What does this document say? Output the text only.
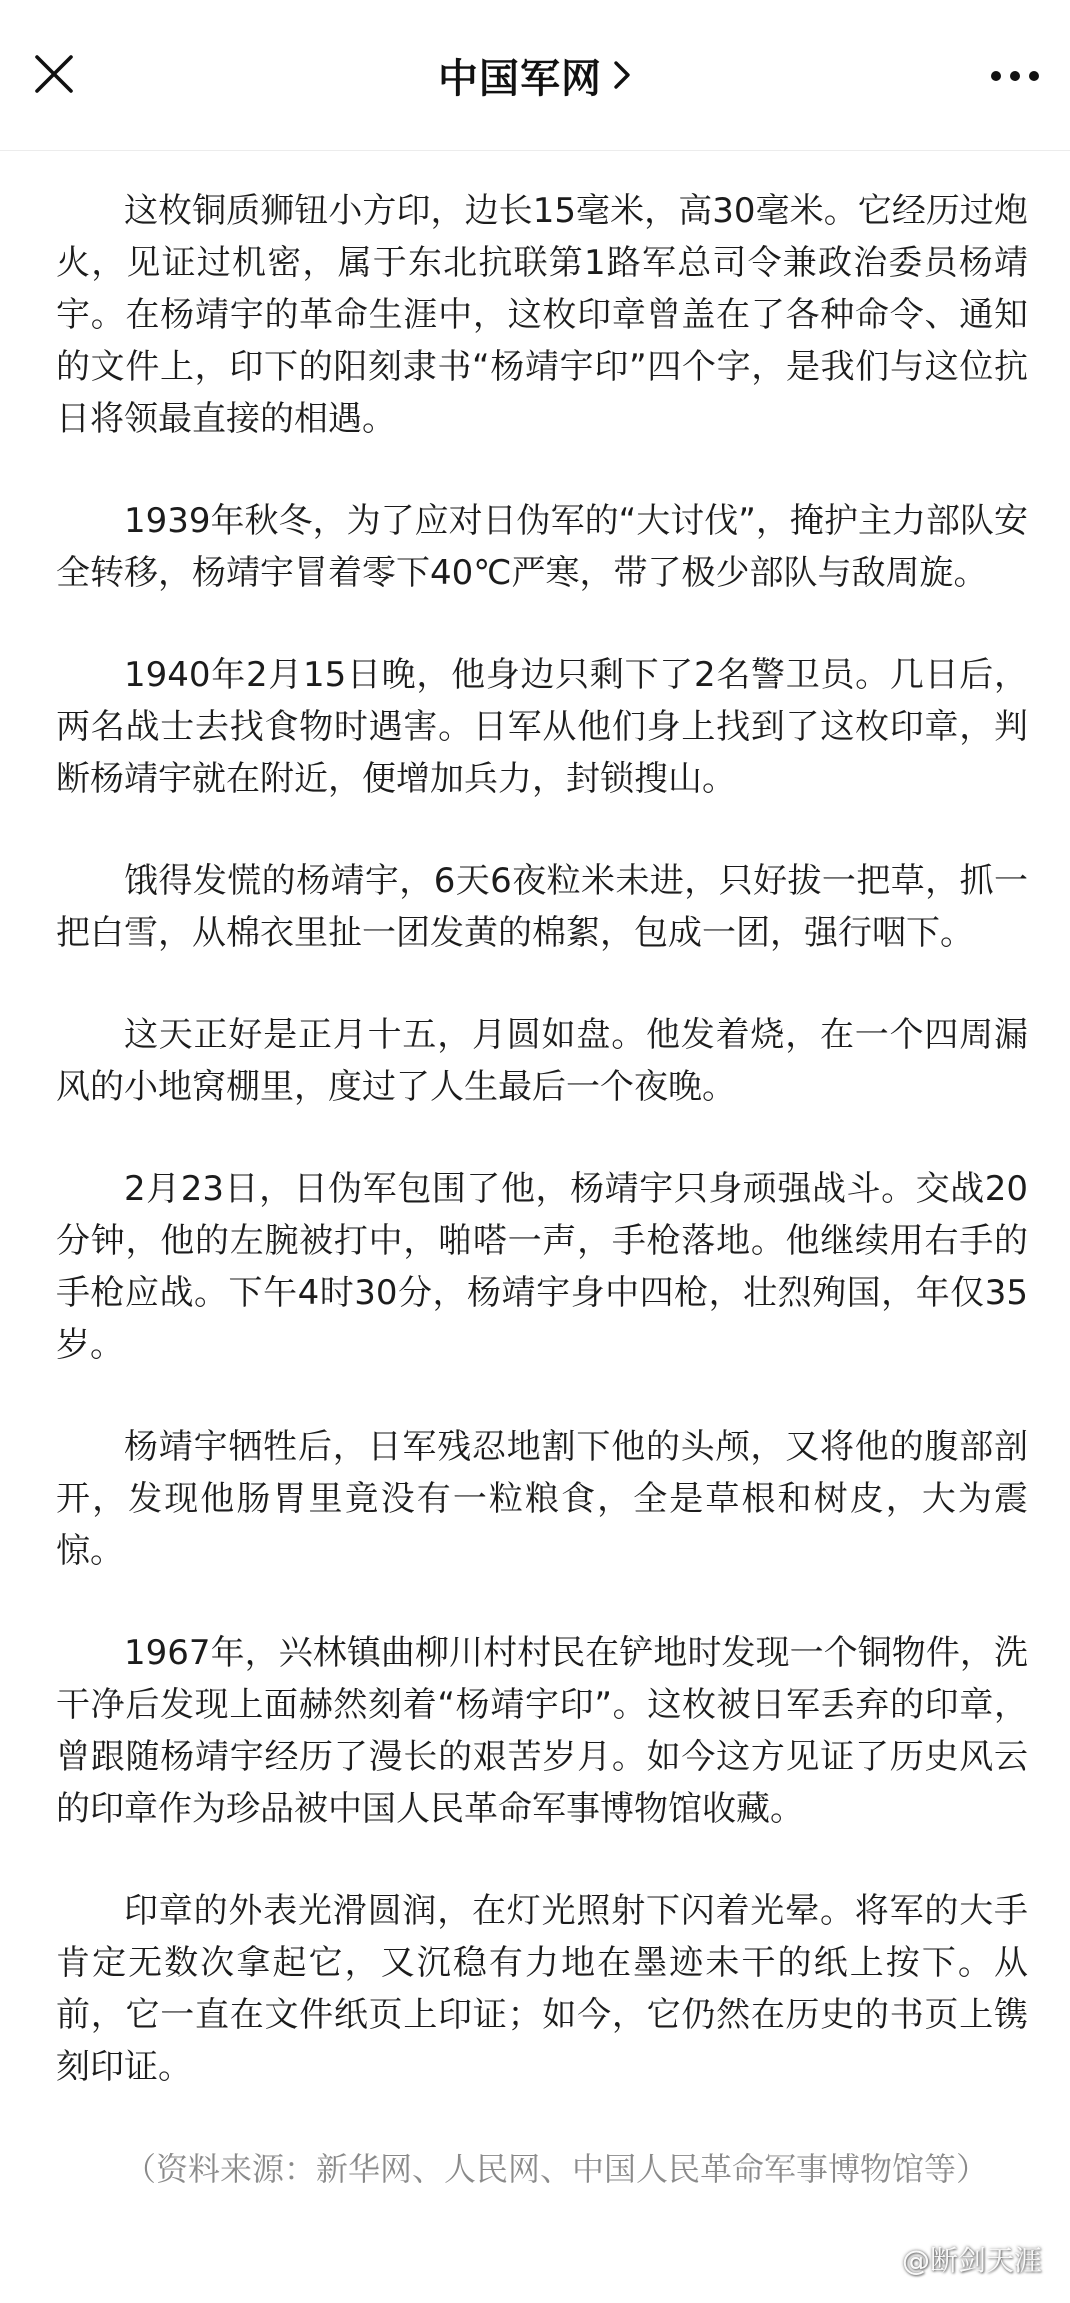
中国军网

这枚铜质狮钮小方印，边长15毫米，高30毫米。它经历过炮火，见证过机密，属于东北抗联第1路军总司令兼政治委员杨靖宇。在杨靖宇的革命生涯中，这枚印章曾盖在了各种命令、通知的文件上，印下的阳刻隶书“杨靖宇印”四个字，是我们与这位抗日将领最直接的相遇。

1939年秋冬，为了应对日伪军的“大讨伐”，掩护主力部队安全转移，杨靖宇冒着零下40℃严寒，带了极少部队与敌周旋。

1940年2月15日晚，他身边只剩下了2名警卫员。几日后，两名战士去找食物时遇害。日军从他们身上找到了这枚印章，判断杨靖宇就在附近，便增加兵力，封锁搜山。

饿得发慌的杨靖宇，6天6夜粒米未进，只好拔一把草，抓一把白雪，从棉衣里扯一团发黄的棉絮，包成一团，强行咽下。

这天正好是正月十五，月圆如盘。他发着烧，在一个四周漏风的小地窝棚里，度过了人生最后一个夜晚。

2月23日，日伪军包围了他，杨靖宇只身顽强战斗。交战20分钟，他的左腕被打中，啪嗒一声，手枪落地。他继续用右手的手枪应战。下午4时30分，杨靖宇身中四枪，壮烈殉国，年仅35岁。

杨靖宇牺牲后，日军残忍地割下他的头颅，又将他的腹部剖开，发现他肠胃里竟没有一粒粮食，全是草根和树皮，大为震惊。

1967年，兴林镇曲柳川村村民在铲地时发现一个铜物件，洗干净后发现上面赫然刻着“杨靖宇印”。这枚被日军丢弃的印章，曾跟随杨靖宇经历了漫长的艰苦岁月。如今这方见证了历史风云的印章作为珍品被中国人民革命军事博物馆收藏。

印章的外表光滑圆润，在灯光照射下闪着光晕。将军的大手肯定无数次拿起它，又沉稳有力地在墨迹未干的纸上按下。从前，它一直在文件纸页上印证；如今，它仍然在历史的书页上镌刻印证。

（资料来源：新华网、人民网、中国人民革命军事博物馆等）

@断剑天涯
